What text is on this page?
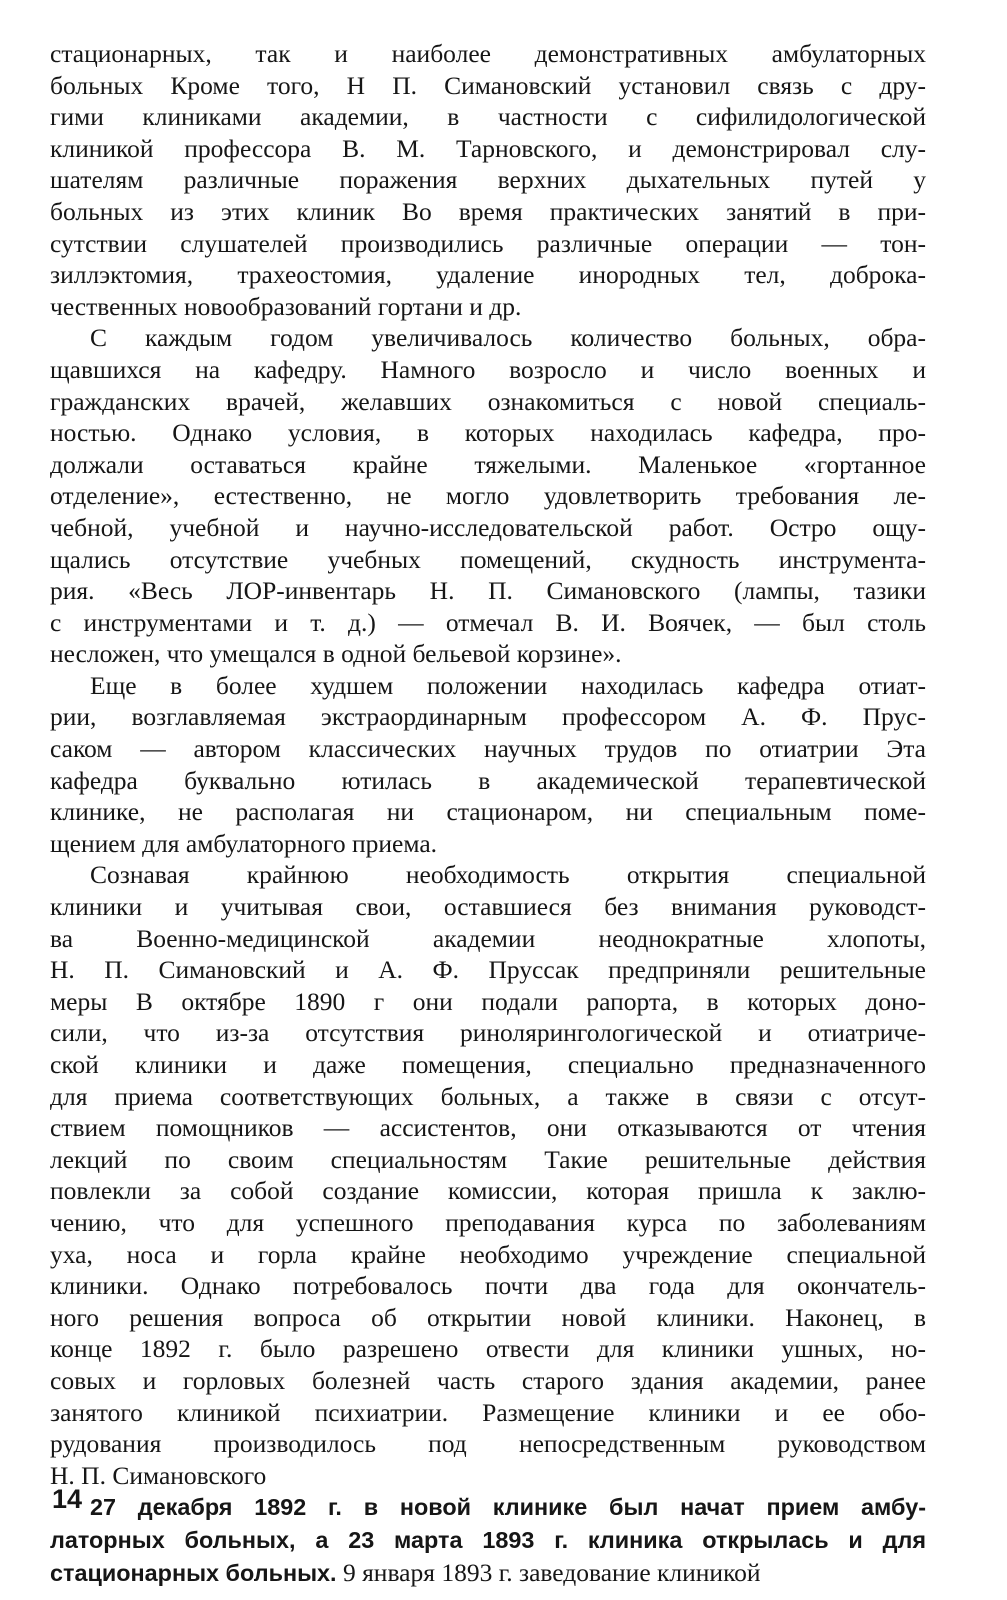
стационарных, так и наиболее демонстративных амбулаторных
больных Кроме того, Н П. Симановский установил связь с дру-
гими клиниками академии, в частности с сифилидологической
клиникой профессора В. М. Тарновского, и демонстрировал слу-
шателям различные поражения верхних дыхательных путей у
больных из этих клиник Во время практических занятий в при-
сутствии слушателей производились различные операции — тон-
зиллэктомия, трахеостомия, удаление инородных тел, доброка-
чественных новообразований гортани и др.

С каждым годом увеличивалось количество больных, обра-
щавшихся на кафедру. Намного возросло и число военных и
гражданских врачей, желавших ознакомиться с новой специаль-
ностью. Однако условия, в которых находилась кафедра, про-
должали оставаться крайне тяжелыми. Маленькое «гортанное
отделение», естественно, не могло удовлетворить требования ле-
чебной, учебной и научно-исследовательской работ. Остро ощу-
щались отсутствие учебных помещений, скудность инструмента-
рия. «Весь ЛОР-инвентарь Н. П. Симановского (лампы, тазики
с инструментами и т. д.) — отмечал В. И. Воячек, — был столь
несложен, что умещался в одной бельевой корзине».

Еще в более худшем положении находилась кафедра отиат-
рии, возглавляемая экстраординарным профессором А. Ф. Прус-
саком — автором классических научных трудов по отиатрии Эта
кафедра буквально ютилась в академической терапевтической
клинике, не располагая ни стационаром, ни специальным поме-
щением для амбулаторного приема.

Сознавая крайнюю необходимость открытия специальной
клиники и учитывая свои, оставшиеся без внимания руководст-
ва Военно-медицинской академии неоднократные хлопоты,
Н. П. Симановский и А. Ф. Пруссак предприняли решительные
меры В октябре 1890 г они подали рапорта, в которых доно-
сили, что из-за отсутствия ринолярингологической и отиатриче-
ской клиники и даже помещения, специально предназначенного
для приема соответствующих больных, а также в связи с отсут-
ствием помощников — ассистентов, они отказываются от чтения
лекций по своим специальностям Такие решительные действия
повлекли за собой создание комиссии, которая пришла к заклю-
чению, что для успешного преподавания курса по заболеваниям
уха, носа и горла крайне необходимо учреждение специальной
клиники. Однако потребовалось почти два года для окончатель-
ного решения вопроса об открытии новой клиники. Наконец, в
конце 1892 г. было разрешено отвести для клиники ушных, но-
совых и горловых болезней часть старого здания академии, ранее
занятого клиникой психиатрии. Размещение клиники и ее обо-
рудования производилось под непосредственным руководством
Н. П. Симановского

27 декабря 1892 г. в новой клинике был начат прием амбу-
латорных больных, а 23 марта 1893 г. клиника открылась и для
стационарных больных. 9 января 1893 г. заведование клиникой

14
